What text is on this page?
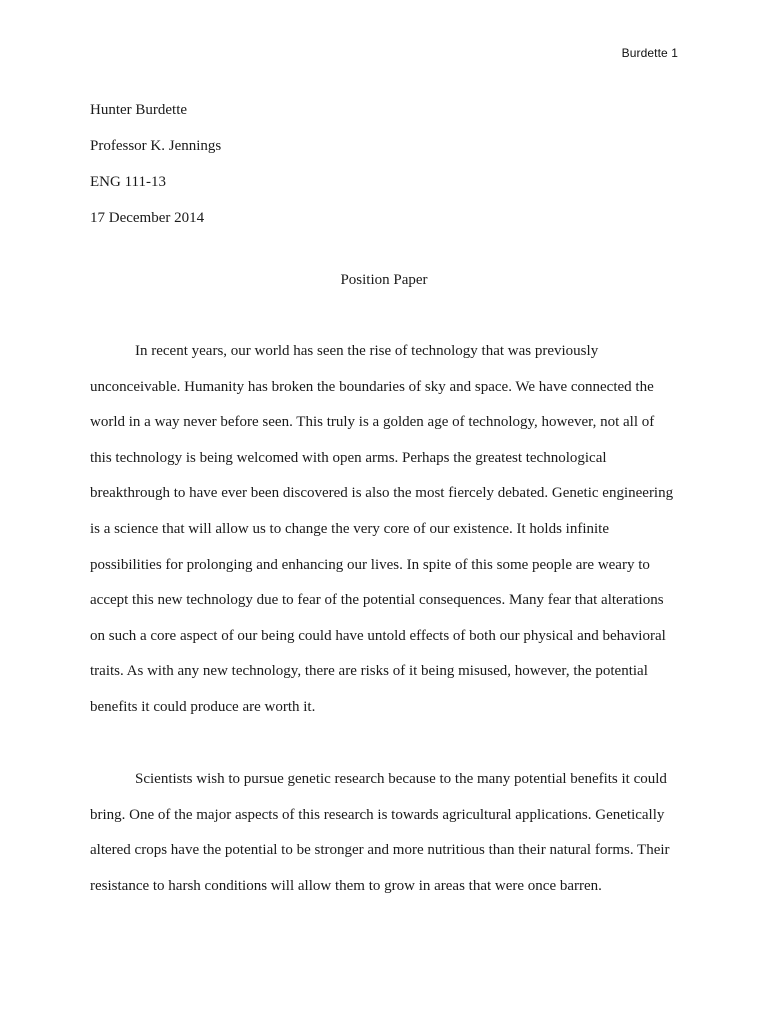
Burdette 1
Hunter Burdette
Professor K. Jennings
ENG 111-13
17 December 2014
Position Paper
In recent years, our world has seen the rise of technology that was previously
unconceivable. Humanity has broken the boundaries of sky and space. We have connected the
world in a way never before seen. This truly is a golden age of technology, however, not all of
this technology is being welcomed with open arms. Perhaps the greatest technological
breakthrough to have ever been discovered is also the most fiercely debated. Genetic engineering
is a science that will allow us to change the very core of our existence. It holds infinite
possibilities for prolonging and enhancing our lives. In spite of this some people are weary to
accept this new technology due to fear of the potential consequences. Many fear that alterations
on such a core aspect of our being could have untold effects of both our physical and behavioral
traits. As with any new technology, there are risks of it being misused, however, the potential
benefits it could produce are worth it.
Scientists wish to pursue genetic research because to the many potential benefits it could
bring. One of the major aspects of this research is towards agricultural applications. Genetically
altered crops have the potential to be stronger and more nutritious than their natural forms. Their
resistance to harsh conditions will allow them to grow in areas that were once barren.
